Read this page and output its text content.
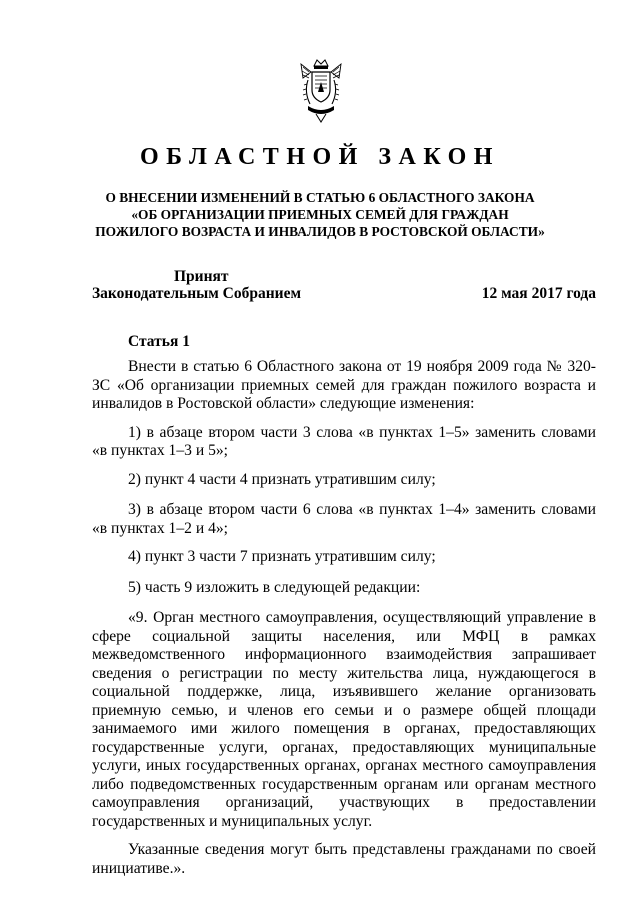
ОБЛАСТНОЙ ЗАКОН
О ВНЕСЕНИИ ИЗМЕНЕНИЙ В СТАТЬЮ 6 ОБЛАСТНОГО ЗАКОНА «ОБ ОРГАНИЗАЦИИ ПРИЕМНЫХ СЕМЕЙ ДЛЯ ГРАЖДАН ПОЖИЛОГО ВОЗРАСТА И ИНВАЛИДОВ В РОСТОВСКОЙ ОБЛАСТИ»
Принят
Законодательным Собранием	12 мая 2017 года
Статья 1

Внести в статью 6 Областного закона от 19 ноября 2009 года № 320-ЗС «Об организации приемных семей для граждан пожилого возраста и инвалидов в Ростовской области» следующие изменения:

1) в абзаце втором части 3 слова «в пунктах 1–5» заменить словами «в пунктах 1–3 и 5»;

2) пункт 4 части 4 признать утратившим силу;

3) в абзаце втором части 6 слова «в пунктах 1–4» заменить словами «в пунктах 1–2 и 4»;

4) пункт 3 части 7 признать утратившим силу;

5) часть 9 изложить в следующей редакции:

«9. Орган местного самоуправления, осуществляющий управление в сфере социальной защиты населения, или МФЦ в рамках межведомственного информационного взаимодействия запрашивает сведения о регистрации по месту жительства лица, нуждающегося в социальной поддержке, лица, изъявившего желание организовать приемную семью, и членов его семьи и о размере общей площади занимаемого ими жилого помещения в органах, предоставляющих государственные услуги, органах, предоставляющих муниципальные услуги, иных государственных органах, органах местного самоуправления либо подведомственных государственным органам или органам местного самоуправления организаций, участвующих в предоставлении государственных и муниципальных услуг.

Указанные сведения могут быть представлены гражданами по своей инициативе.».
